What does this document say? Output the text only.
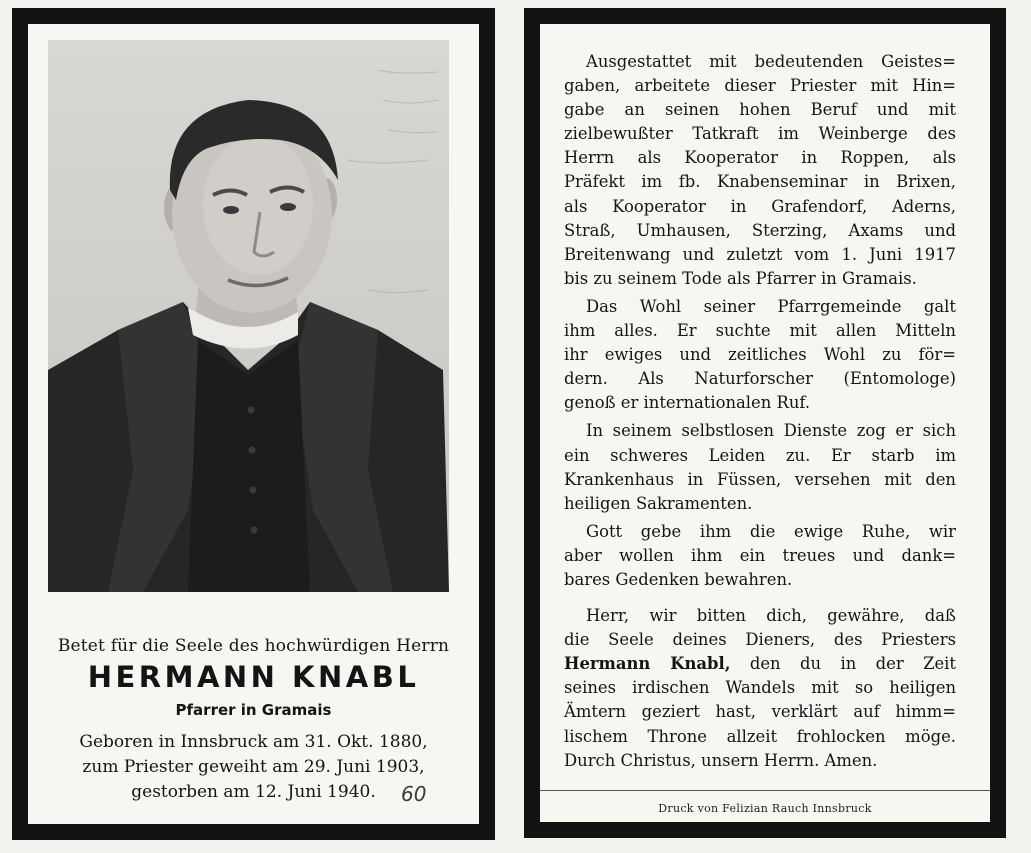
Betet für die Seele des hochwürdigen Herrn
HERMANN KNABL
Pfarrer in Gramais
Geboren in Innsbruck am 31. Okt. 1880,
zum Priester geweiht am 29. Juni 1903,
gestorben am 12. Juni 1940.	60
Ausgestattet mit bedeutenden Geistes=
gaben, arbeitete dieser Priester mit Hin=
gabe an seinen hohen Beruf und mit
zielbewußter Tatkraft im Weinberge des
Herrn als Kooperator in Roppen, als
Präfekt im fb. Knabenseminar in Brixen,
als Kooperator in Grafendorf, Aderns,
Straß, Umhausen, Sterzing, Axams und
Breitenwang und zuletzt vom 1. Juni 1917
bis zu seinem Tode als Pfarrer in Gramais.
Das Wohl seiner Pfarrgemeinde galt
ihm alles. Er suchte mit allen Mitteln
ihr ewiges und zeitliches Wohl zu för=
dern. Als Naturforscher (Entomologe)
genoß er internationalen Ruf.
In seinem selbstlosen Dienste zog er sich
ein schweres Leiden zu. Er starb im
Krankenhaus in Füssen, versehen mit den
heiligen Sakramenten.
Gott gebe ihm die ewige Ruhe, wir
aber wollen ihm ein treues und dank=
bares Gedenken bewahren.
Herr, wir bitten dich, gewähre, daß
die Seele deines Dieners, des Priesters
Hermann Knabl, den du in der Zeit
seines irdischen Wandels mit so heiligen
Ämtern geziert hast, verklärt auf himm=
lischem Throne allzeit frohlocken möge.
Durch Christus, unsern Herrn. Amen.
Druck von Felizian Rauch Innsbruck
